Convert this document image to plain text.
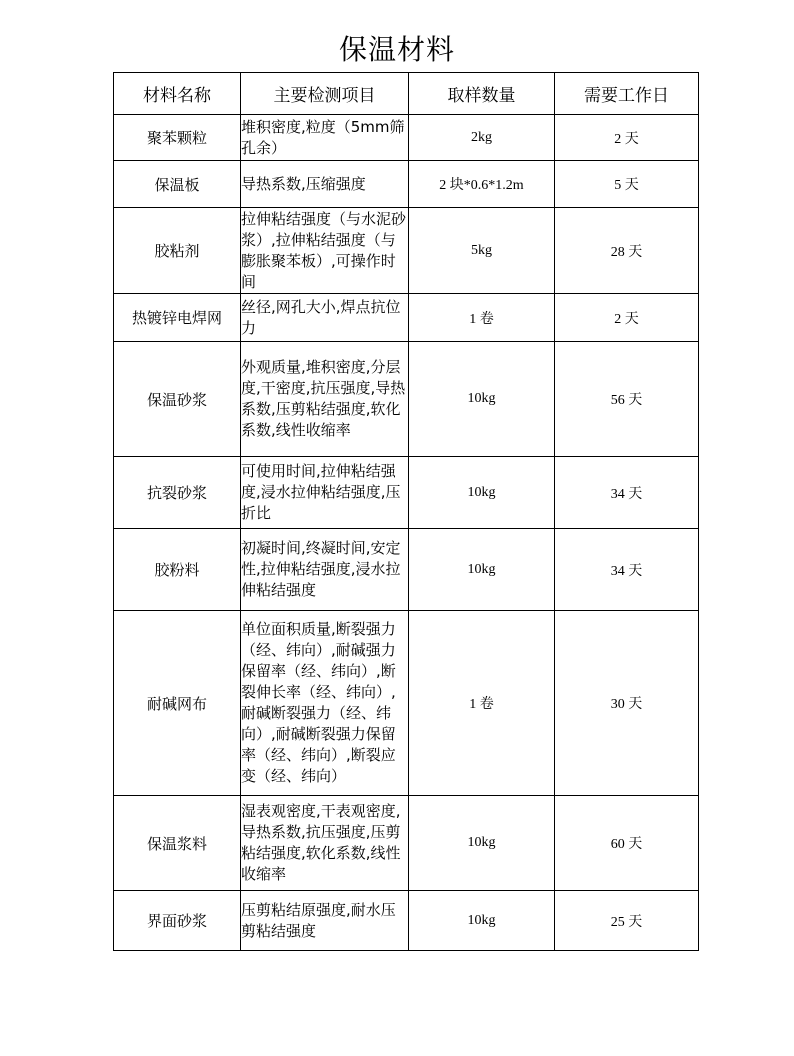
保温材料
材料名称	主要检测项目	取样数量	需要工作日
聚苯颗粒	堆积密度,粒度（5mm筛孔余）	2kg	2 天
保温板	导热系数,压缩强度	2 块*0.6*1.2m	5 天
胶粘剂	拉伸粘结强度（与水泥砂浆）,拉伸粘结强度（与膨胀聚苯板）,可操作时间	5kg	28 天
热镀锌电焊网	丝径,网孔大小,焊点抗位力	1 卷	2 天
保温砂浆	外观质量,堆积密度,分层度,干密度,抗压强度,导热系数,压剪粘结强度,软化系数,线性收缩率	10kg	56 天
抗裂砂浆	可使用时间,拉伸粘结强度,浸水拉伸粘结强度,压折比	10kg	34 天
胶粉料	初凝时间,终凝时间,安定性,拉伸粘结强度,浸水拉伸粘结强度	10kg	34 天
耐碱网布	单位面积质量,断裂强力（经、纬向）,耐碱强力保留率（经、纬向）,断裂伸长率（经、纬向）,耐碱断裂强力（经、纬向）,耐碱断裂强力保留率（经、纬向）,断裂应变（经、纬向）	1 卷	30 天
保温浆料	湿表观密度,干表观密度,导热系数,抗压强度,压剪粘结强度,软化系数,线性收缩率	10kg	60 天
界面砂浆	压剪粘结原强度,耐水压剪粘结强度	10kg	25 天
